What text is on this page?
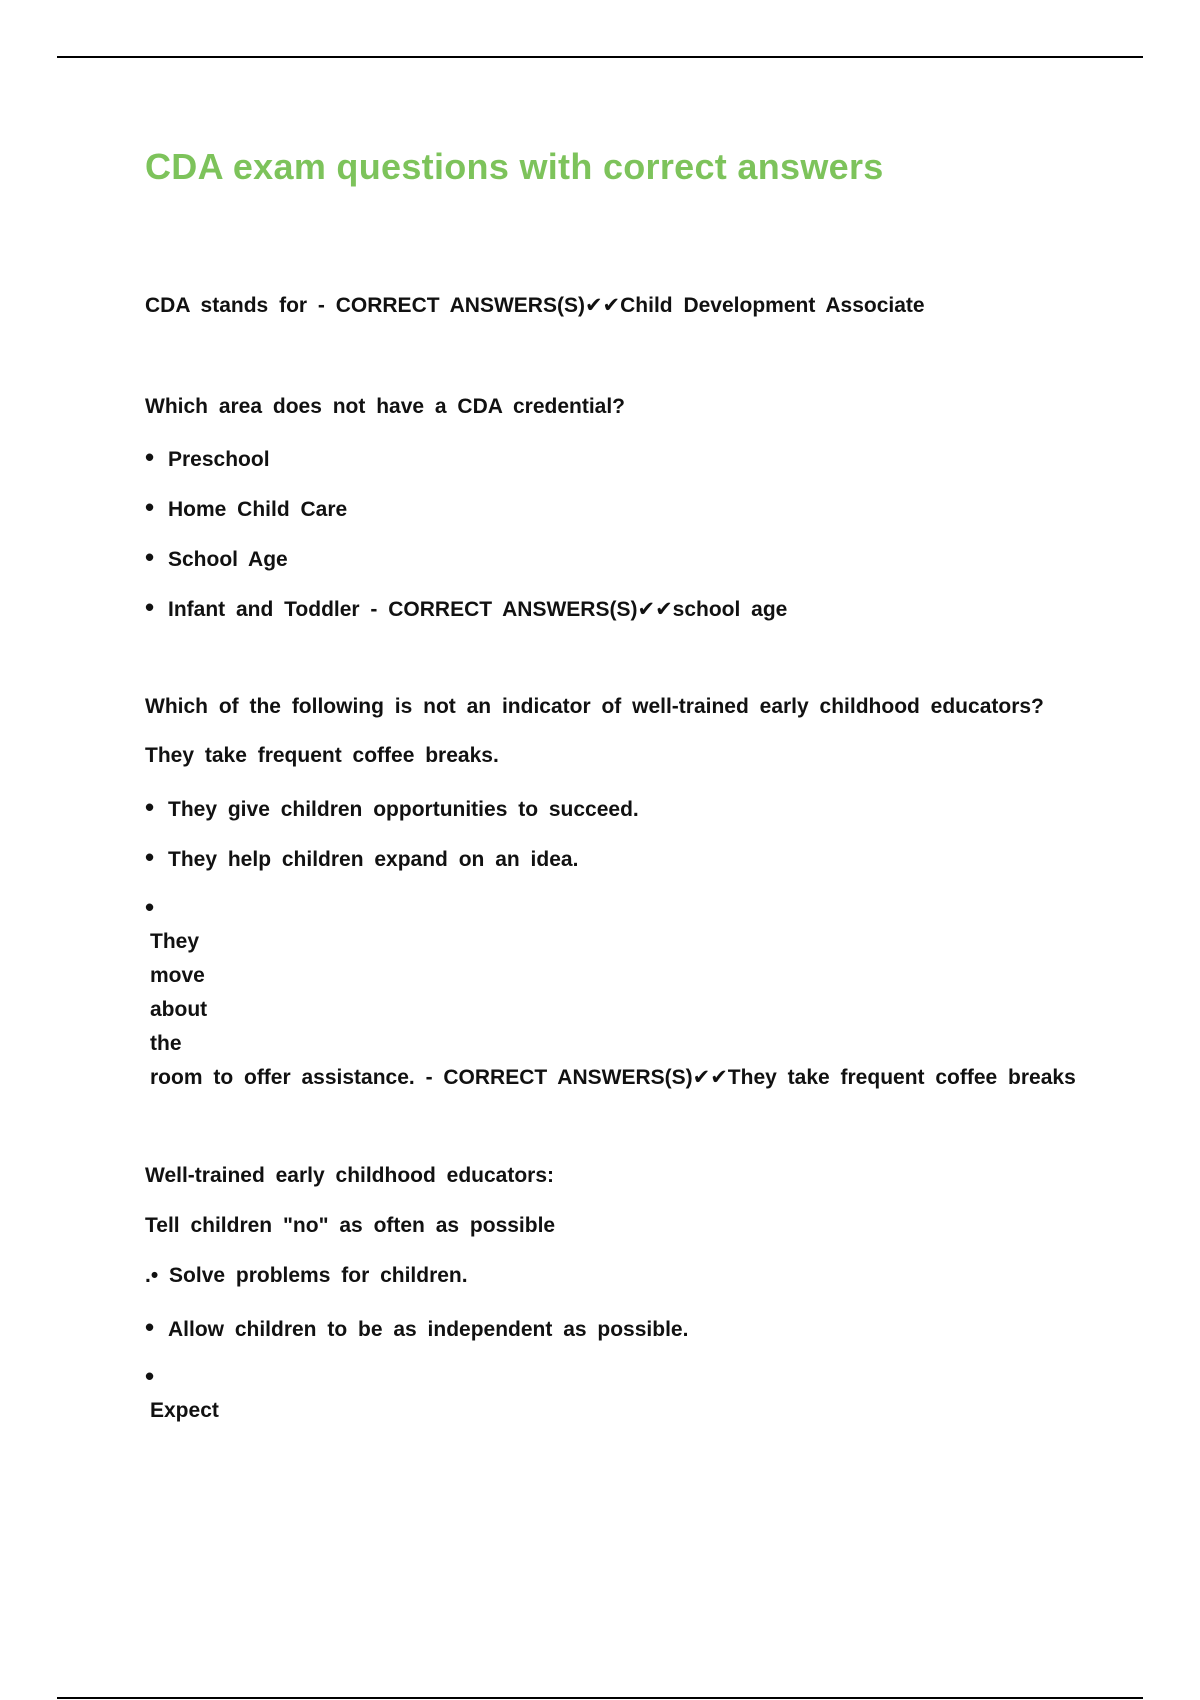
CDA exam questions with correct answers
CDA stands for - CORRECT ANSWERS(S)✔✔Child Development Associate
Which area does not have a CDA credential?
• Preschool
• Home Child Care
• School Age
• Infant and Toddler - CORRECT ANSWERS(S)✔✔school age
Which of the following is not an indicator of well-trained early childhood educators?
They take frequent coffee breaks.
• They give children opportunities to succeed.
• They help children expand on an idea.
•
They
move
about
the
room to offer assistance. - CORRECT ANSWERS(S)✔✔They take frequent coffee breaks
Well-trained early childhood educators:
Tell children "no" as often as possible
.• Solve problems for children.
• Allow children to be as independent as possible.
•
Expect
